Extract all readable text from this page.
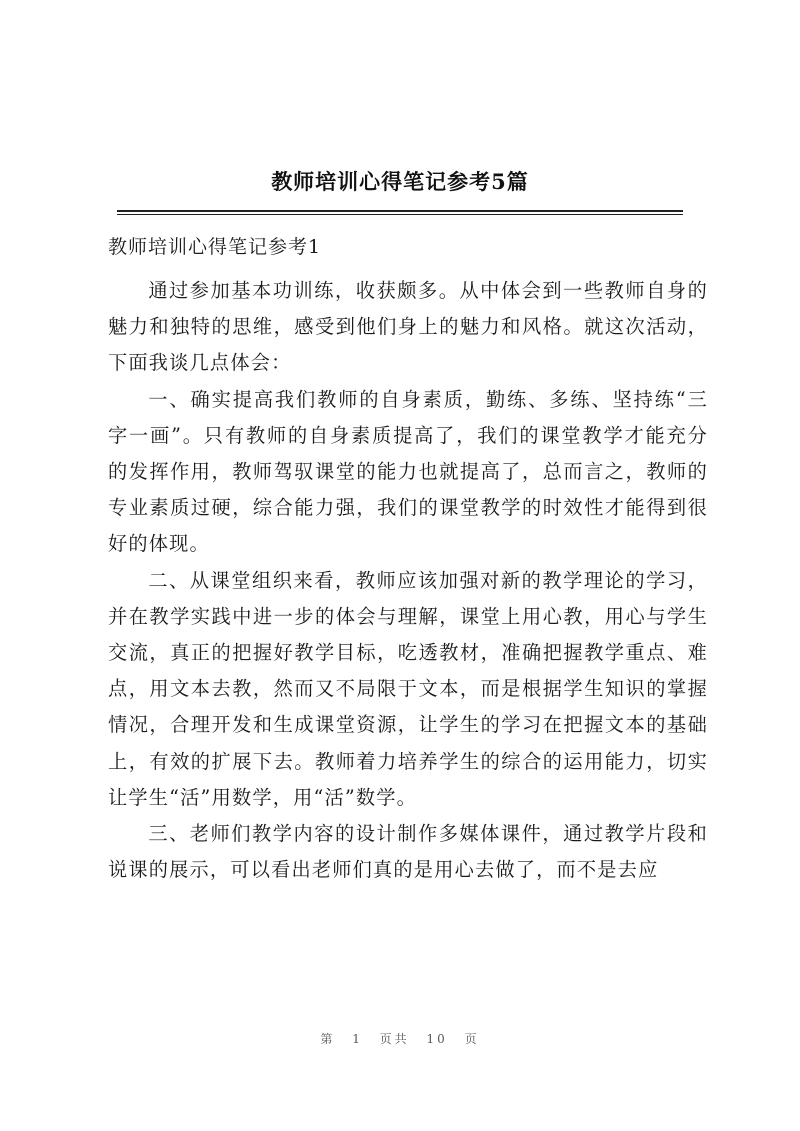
教师培训心得笔记参考5篇
教师培训心得笔记参考1

通过参加基本功训练，收获颇多。从中体会到一些教师自身的魅力和独特的思维，感受到他们身上的魅力和风格。就这次活动，下面我谈几点体会：

一、确实提高我们教师的自身素质，勤练、多练、坚持练“三字一画”。只有教师的自身素质提高了，我们的课堂教学才能充分的发挥作用，教师驾驭课堂的能力也就提高了，总而言之，教师的专业素质过硬，综合能力强，我们的课堂教学的时效性才能得到很好的体现。

二、从课堂组织来看，教师应该加强对新的教学理论的学习，并在教学实践中进一步的体会与理解，课堂上用心教，用心与学生交流，真正的把握好教学目标，吃透教材，准确把握教学重点、难点，用文本去教，然而又不局限于文本，而是根据学生知识的掌握情况，合理开发和生成课堂资源，让学生的学习在把握文本的基础上，有效的扩展下去。教师着力培养学生的综合的运用能力，切实让学生“活”用数学，用“活”数学。

三、老师们教学内容的设计制作多媒体课件，通过教学片段和说课的展示，可以看出老师们真的是用心去做了，而不是去应

第 1 页共 10 页
